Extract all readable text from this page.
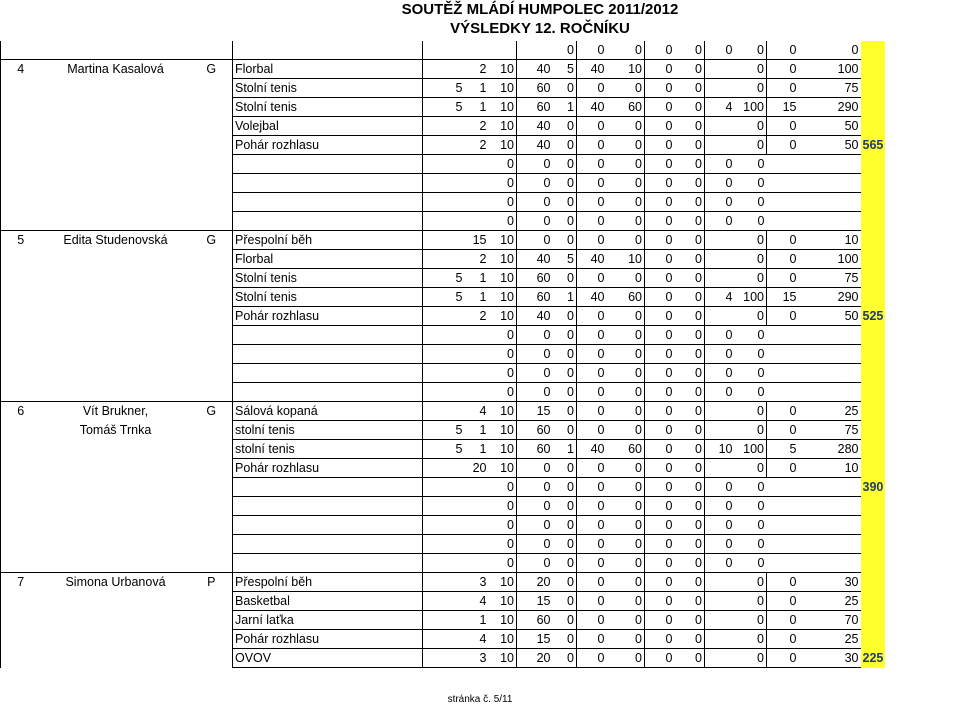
SOUTĚŽ MLÁDÍ HUMPOLEC 2011/2012
VÝSLEDKY 12. ROČNÍKU
								0	0	0	0	0	0	0	0	0	
4	Martina Kasalová	G	Florbal		2	10	40	5	40	10	0	0		0	0	100	
			Stolní tenis	5	1	10	60	0	0	0	0	0		0	0	75	
			Stolní tenis	5	1	10	60	1	40	60	0	0	4	100	15	290	
			Volejbal		2	10	40	0	0	0	0	0		0	0	50	
			Pohár rozhlasu		2	10	40	0	0	0	0	0		0	0	50	565
						0	0	0	0	0	0	0	0	0			
						0	0	0	0	0	0	0	0	0			
						0	0	0	0	0	0	0	0	0			
						0	0	0	0	0	0	0	0	0			
5	Edita Studenovská	G	Přespolní běh		15	10	0	0	0	0	0	0		0	0	10	
			Florbal		2	10	40	5	40	10	0	0		0	0	100	
			Stolní tenis	5	1	10	60	0	0	0	0	0		0	0	75	
			Stolní tenis	5	1	10	60	1	40	60	0	0	4	100	15	290	
			Pohár rozhlasu		2	10	40	0	0	0	0	0		0	0	50	525
						0	0	0	0	0	0	0	0	0			
						0	0	0	0	0	0	0	0	0			
						0	0	0	0	0	0	0	0	0			
						0	0	0	0	0	0	0	0	0			
6	Vít Brukner,	G	Sálová kopaná		4	10	15	0	0	0	0	0		0	0	25	
	Tomáš Trnka		stolní tenis	5	1	10	60	0	0	0	0	0		0	0	75	
			stolní tenis	5	1	10	60	1	40	60	0	0	10	100	5	280	
			Pohár rozhlasu		20	10	0	0	0	0	0	0		0	0	10	
						0	0	0	0	0	0	0	0	0			390
						0	0	0	0	0	0	0	0	0			
						0	0	0	0	0	0	0	0	0			
						0	0	0	0	0	0	0	0	0			
						0	0	0	0	0	0	0	0	0			
7	Simona Urbanová	P	Přespolní běh		3	10	20	0	0	0	0	0		0	0	30	
			Basketbal		4	10	15	0	0	0	0	0		0	0	25	
			Jarní laťka		1	10	60	0	0	0	0	0		0	0	70	
			Pohár rozhlasu		4	10	15	0	0	0	0	0		0	0	25	
			OVOV		3	10	20	0	0	0	0	0		0	0	30	225
stránka č. 5/11
